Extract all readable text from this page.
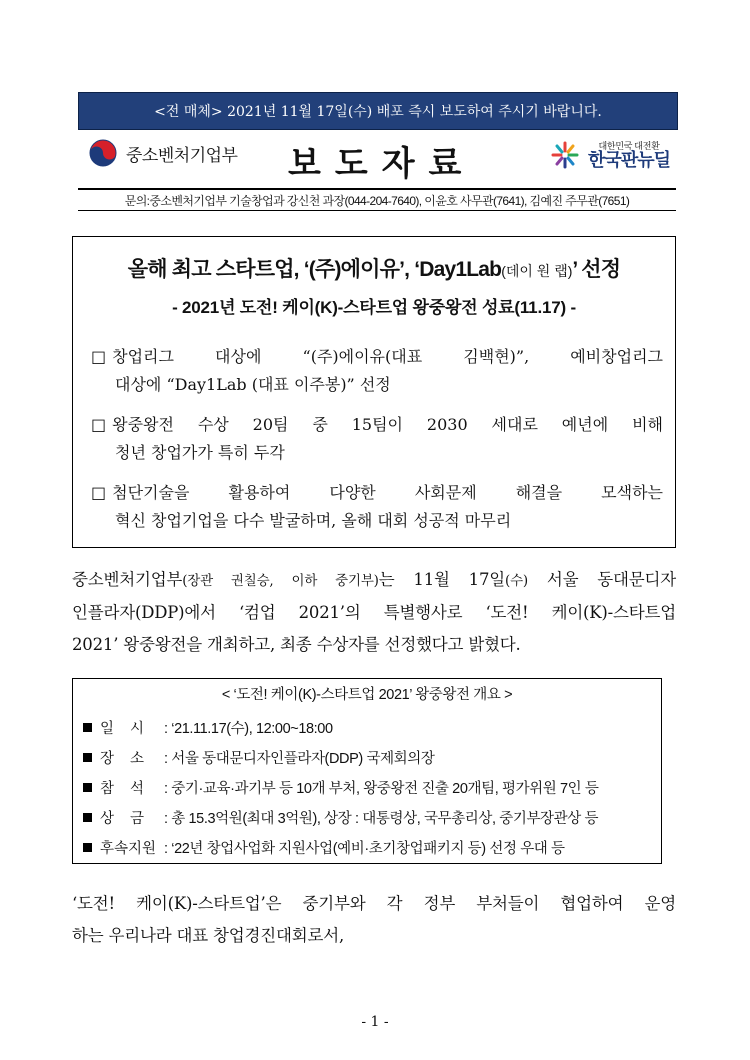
<전 매체> 2021년 11월 17일(수) 배포 즉시 보도하여 주시기 바랍니다.
중소벤처기업부 보도자료	대한민국 대전환
한국판뉴딜
문의:중소벤처기업부 기술창업과 강신천 과장(044-204-7640), 이윤호 사무관(7641), 김예진 주무관(7651)
올해 최고 스타트업, ‘(주)에이유’, ‘Day1Lab(데이 원 랩)’ 선정
- 2021년 도전! 케이(K)-스타트업 왕중왕전 성료(11.17) -
□ 창업리그 대상에 “(주)에이유(대표 김백현)”, 예비창업리그
대상에 “Day1Lab (대표 이주봉)” 선정
□ 왕중왕전 수상 20팀 중 15팀이 2030 세대로 예년에 비해
청년 창업가가 특히 두각
□ 첨단기술을 활용하여 다양한 사회문제 해결을 모색하는
혁신 창업기업을 다수 발굴하며, 올해 대회 성공적 마무리
중소벤처기업부(장관 권칠승, 이하 중기부)는 11월 17일(수) 서울 동대문디자
인플라자(DDP)에서 ‘컴업 2021’의 특별행사로 ‘도전! 케이(K)-스타트업
2021’ 왕중왕전을 개최하고, 최종 수상자를 선정했다고 밝혔다.
< ‘도전! 케이(K)-스타트업 2021’ 왕중왕전 개요 >
일 시 : ‘21.11.17(수), 12:00~18:00
장 소 : 서울 동대문디자인플라자(DDP) 국제회의장
참 석 : 중기·교육·과기부 등 10개 부처, 왕중왕전 진출 20개팀, 평가위원 7인 등
상 금 : 총 15.3억원(최대 3억원), 상장 : 대통령상, 국무총리상, 중기부장관상 등
후속지원 : ‘22년 창업사업화 지원사업(예비·초기창업패키지 등) 선정 우대 등
‘도전! 케이(K)-스타트업’은 중기부와 각 정부 부처들이 협업하여 운영
하는 우리나라 대표 창업경진대회로서,
- 1 -
